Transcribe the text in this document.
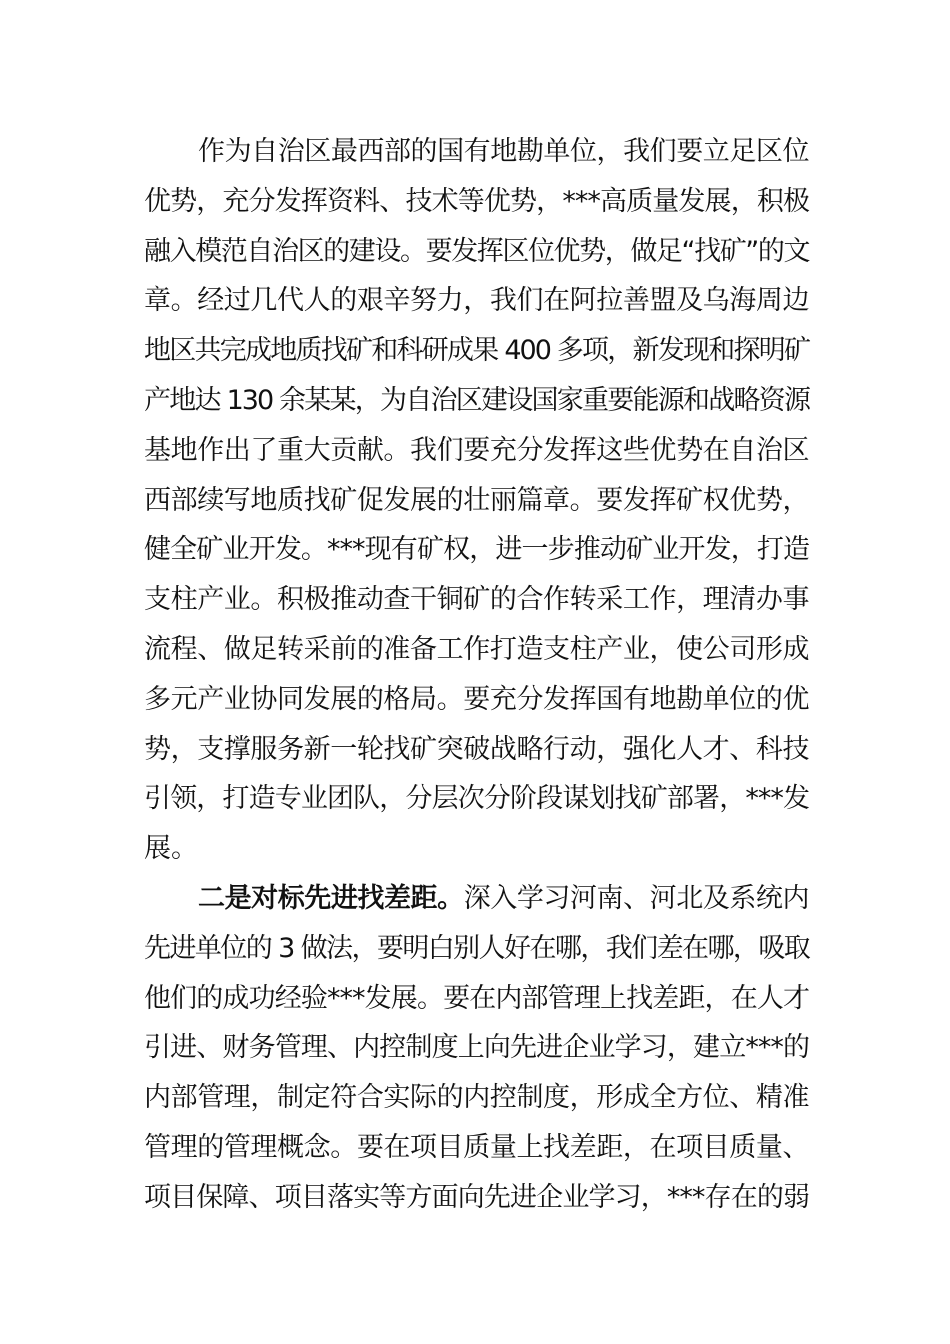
作为自治区最西部的国有地勘单位，我们要立足区位
优势，充分发挥资料、技术等优势，***高质量发展，积极
融入模范自治区的建设。要发挥区位优势，做足“找矿”的文
章。经过几代人的艰辛努力，我们在阿拉善盟及乌海周边
地区共完成地质找矿和科研成果 400 多项，新发现和探明矿
产地达 130 余某某，为自治区建设国家重要能源和战略资源
基地作出了重大贡献。我们要充分发挥这些优势在自治区
西部续写地质找矿促发展的壮丽篇章。要发挥矿权优势，
健全矿业开发。***现有矿权，进一步推动矿业开发，打造
支柱产业。积极推动查干铜矿的合作转采工作，理清办事
流程、做足转采前的准备工作打造支柱产业，使公司形成
多元产业协同发展的格局。要充分发挥国有地勘单位的优
势，支撑服务新一轮找矿突破战略行动，强化人才、科技
引领，打造专业团队，分层次分阶段谋划找矿部署，***发
展。

二是对标先进找差距。深入学习河南、河北及系统内
先进单位的 3 做法，要明白别人好在哪，我们差在哪，吸取
他们的成功经验***发展。要在内部管理上找差距，在人才
引进、财务管理、内控制度上向先进企业学习，建立***的
内部管理，制定符合实际的内控制度，形成全方位、精准
管理的管理概念。要在项目质量上找差距，在项目质量、
项目保障、项目落实等方面向先进企业学习，***存在的弱
